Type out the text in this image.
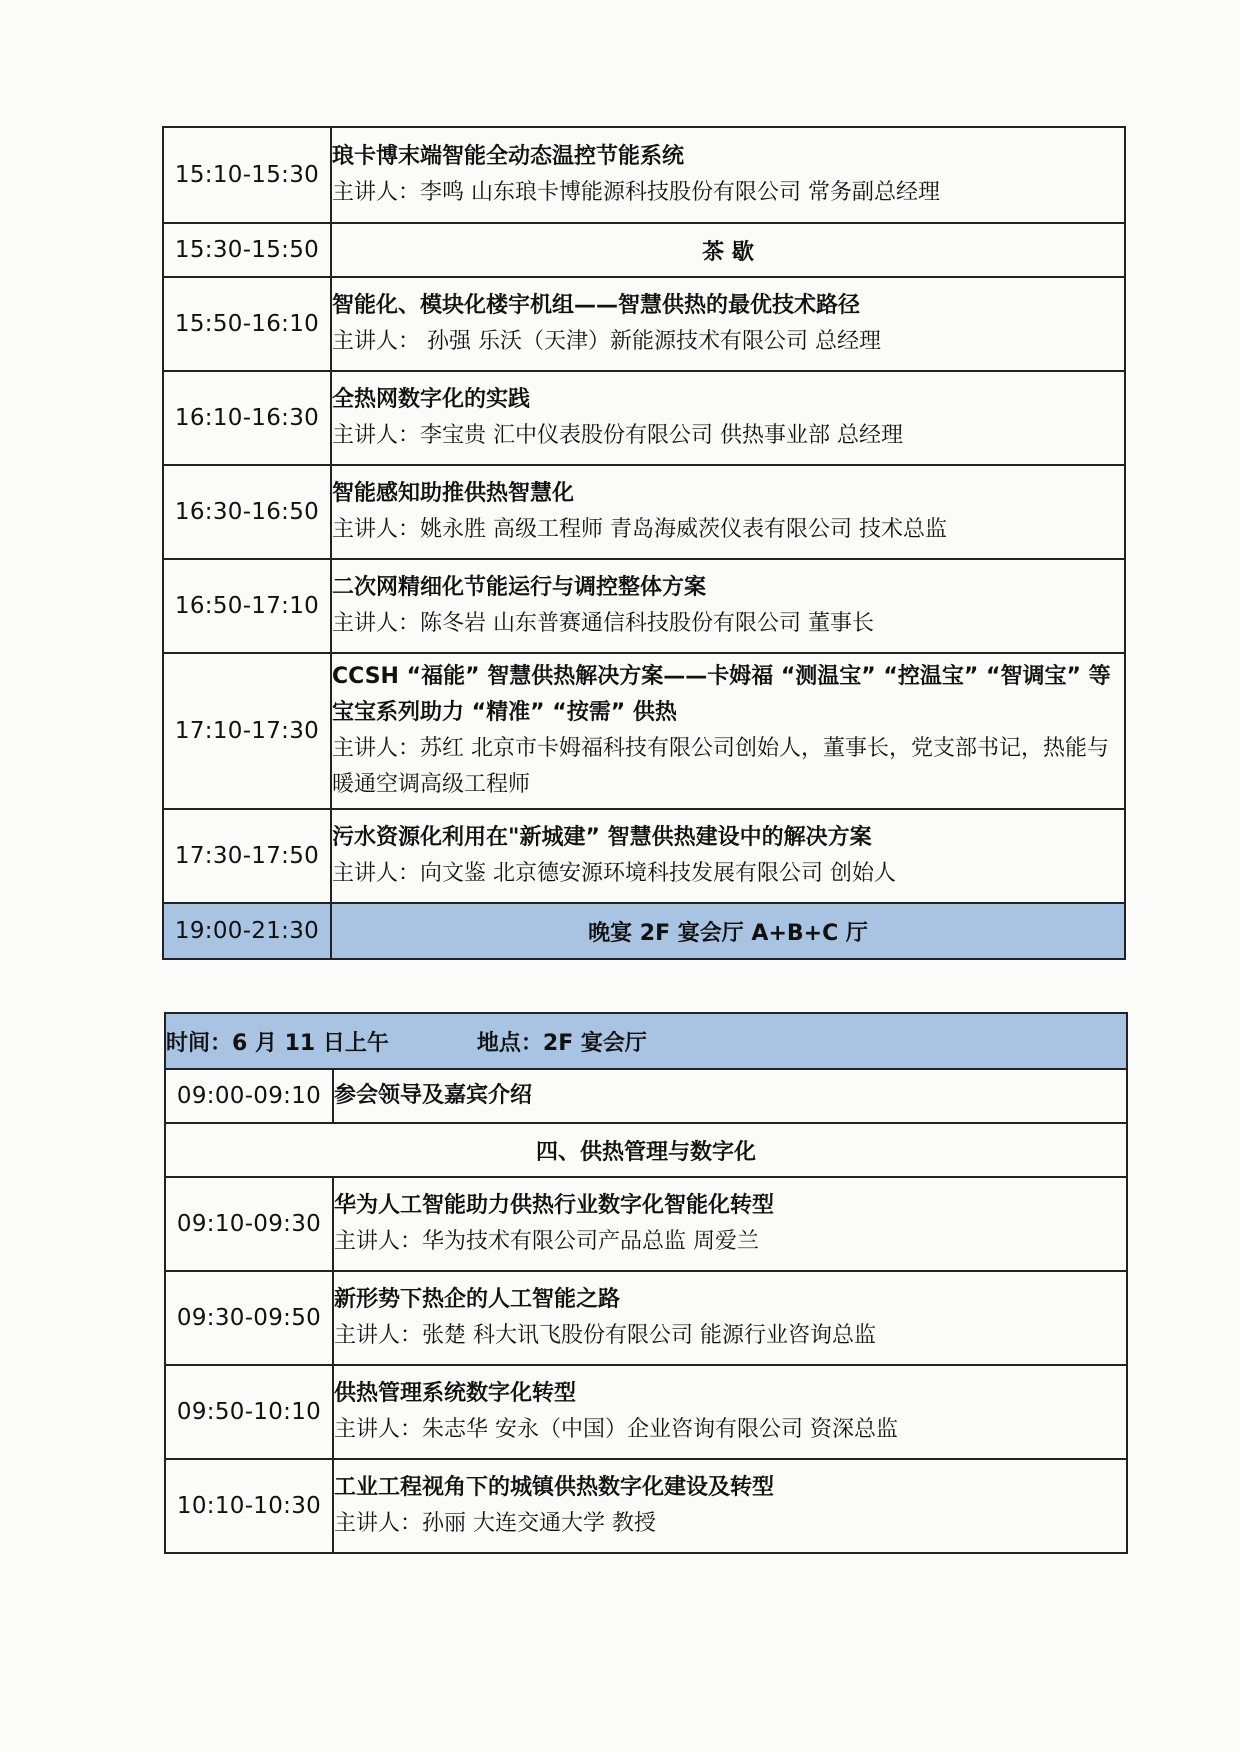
15:10-15:30	琅卡博末端智能全动态温控节能系统
主讲人：李鸣 山东琅卡博能源科技股份有限公司 常务副总经理

15:30-15:50	茶 歇
15:50-16:10	智能化、模块化楼宇机组——智慧供热的最优技术路径
主讲人： 孙强 乐沃（天津）新能源技术有限公司 总经理

16:10-16:30	全热网数字化的实践
主讲人：李宝贵 汇中仪表股份有限公司 供热事业部 总经理

16:30-16:50	智能感知助推供热智慧化
主讲人：姚永胜 高级工程师 青岛海威茨仪表有限公司 技术总监

16:50-17:10	二次网精细化节能运行与调控整体方案
主讲人：陈冬岩 山东普赛通信科技股份有限公司 董事长

17:10-17:30	CCSH “福能” 智慧供热解决方案——卡姆福 “测温宝” “控温宝” “智调宝” 等宝宝系列助力 “精准” “按需” 供热
主讲人：苏红 北京市卡姆福科技有限公司创始人，董事长，党支部书记，热能与暖通空调高级工程师

17:30-17:50	污水资源化利用在"新城建” 智慧供热建设中的解决方案
主讲人：向文鉴 北京德安源环境科技发展有限公司 创始人

19:00-21:30	晚宴 2F 宴会厅 A+B+C 厅
时间：6 月 11 日上午 地点：2F 宴会厅	
09:00-09:10	参会领导及嘉宾介绍

四、供热管理与数字化	
09:10-09:30	华为人工智能助力供热行业数字化智能化转型
主讲人：华为技术有限公司产品总监 周爱兰

09:30-09:50	新形势下热企的人工智能之路
主讲人：张楚 科大讯飞股份有限公司 能源行业咨询总监

09:50-10:10	供热管理系统数字化转型
主讲人：朱志华 安永（中国）企业咨询有限公司 资深总监

10:10-10:30	工业工程视角下的城镇供热数字化建设及转型
主讲人：孙丽 大连交通大学 教授
